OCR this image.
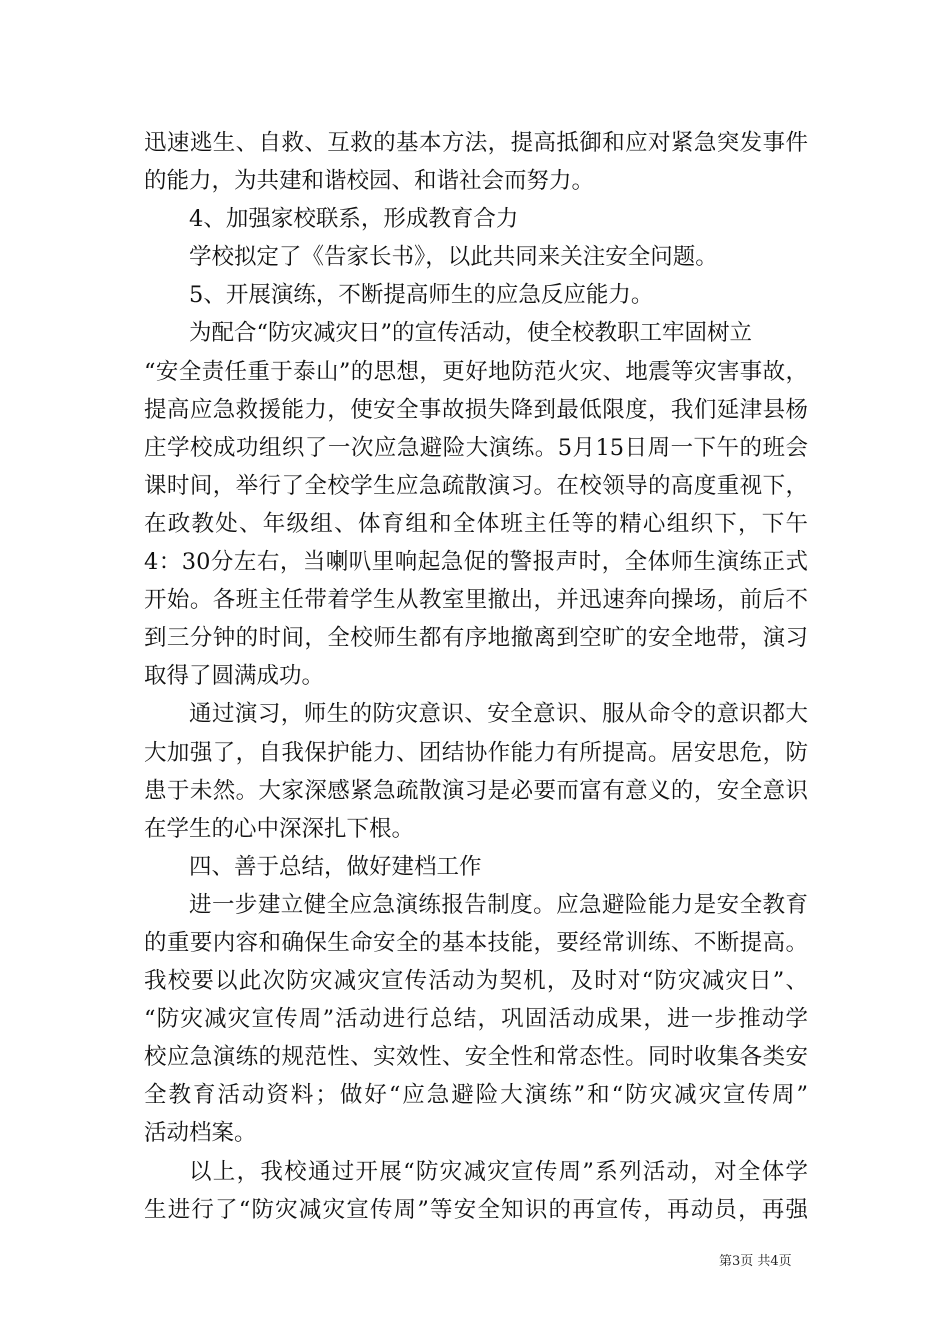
迅速逃生、自救、互救的基本方法，提高抵御和应对紧急突发事件
的能力，为共建和谐校园、和谐社会而努力。
4、加强家校联系，形成教育合力
学校拟定了《告家长书》，以此共同来关注安全问题。
5、开展演练，不断提高师生的应急反应能力。
为配合“防灾减灾日”的宣传活动，使全校教职工牢固树立
“安全责任重于泰山”的思想，更好地防范火灾、地震等灾害事故，
提高应急救援能力，使安全事故损失降到最低限度，我们延津县杨
庄学校成功组织了一次应急避险大演练。5月15日周一下午的班会
课时间，举行了全校学生应急疏散演习。在校领导的高度重视下，
在政教处、年级组、体育组和全体班主任等的精心组织下，下午
4：30分左右，当喇叭里响起急促的警报声时，全体师生演练正式
开始。各班主任带着学生从教室里撤出，并迅速奔向操场，前后不
到三分钟的时间，全校师生都有序地撤离到空旷的安全地带，演习
取得了圆满成功。
通过演习，师生的防灾意识、安全意识、服从命令的意识都大
大加强了，自我保护能力、团结协作能力有所提高。居安思危，防
患于未然。大家深感紧急疏散演习是必要而富有意义的，安全意识
在学生的心中深深扎下根。
四、善于总结，做好建档工作
进一步建立健全应急演练报告制度。应急避险能力是安全教育
的重要内容和确保生命安全的基本技能，要经常训练、不断提高。
我校要以此次防灾减灾宣传活动为契机，及时对“防灾减灾日”、
“防灾减灾宣传周”活动进行总结，巩固活动成果，进一步推动学
校应急演练的规范性、实效性、安全性和常态性。同时收集各类安
全教育活动资料；做好“应急避险大演练”和“防灾减灾宣传周”
活动档案。
以上，我校通过开展“防灾减灾宣传周”系列活动，对全体学
生进行了“防灾减灾宣传周”等安全知识的再宣传，再动员，再强
第3页 共4页
